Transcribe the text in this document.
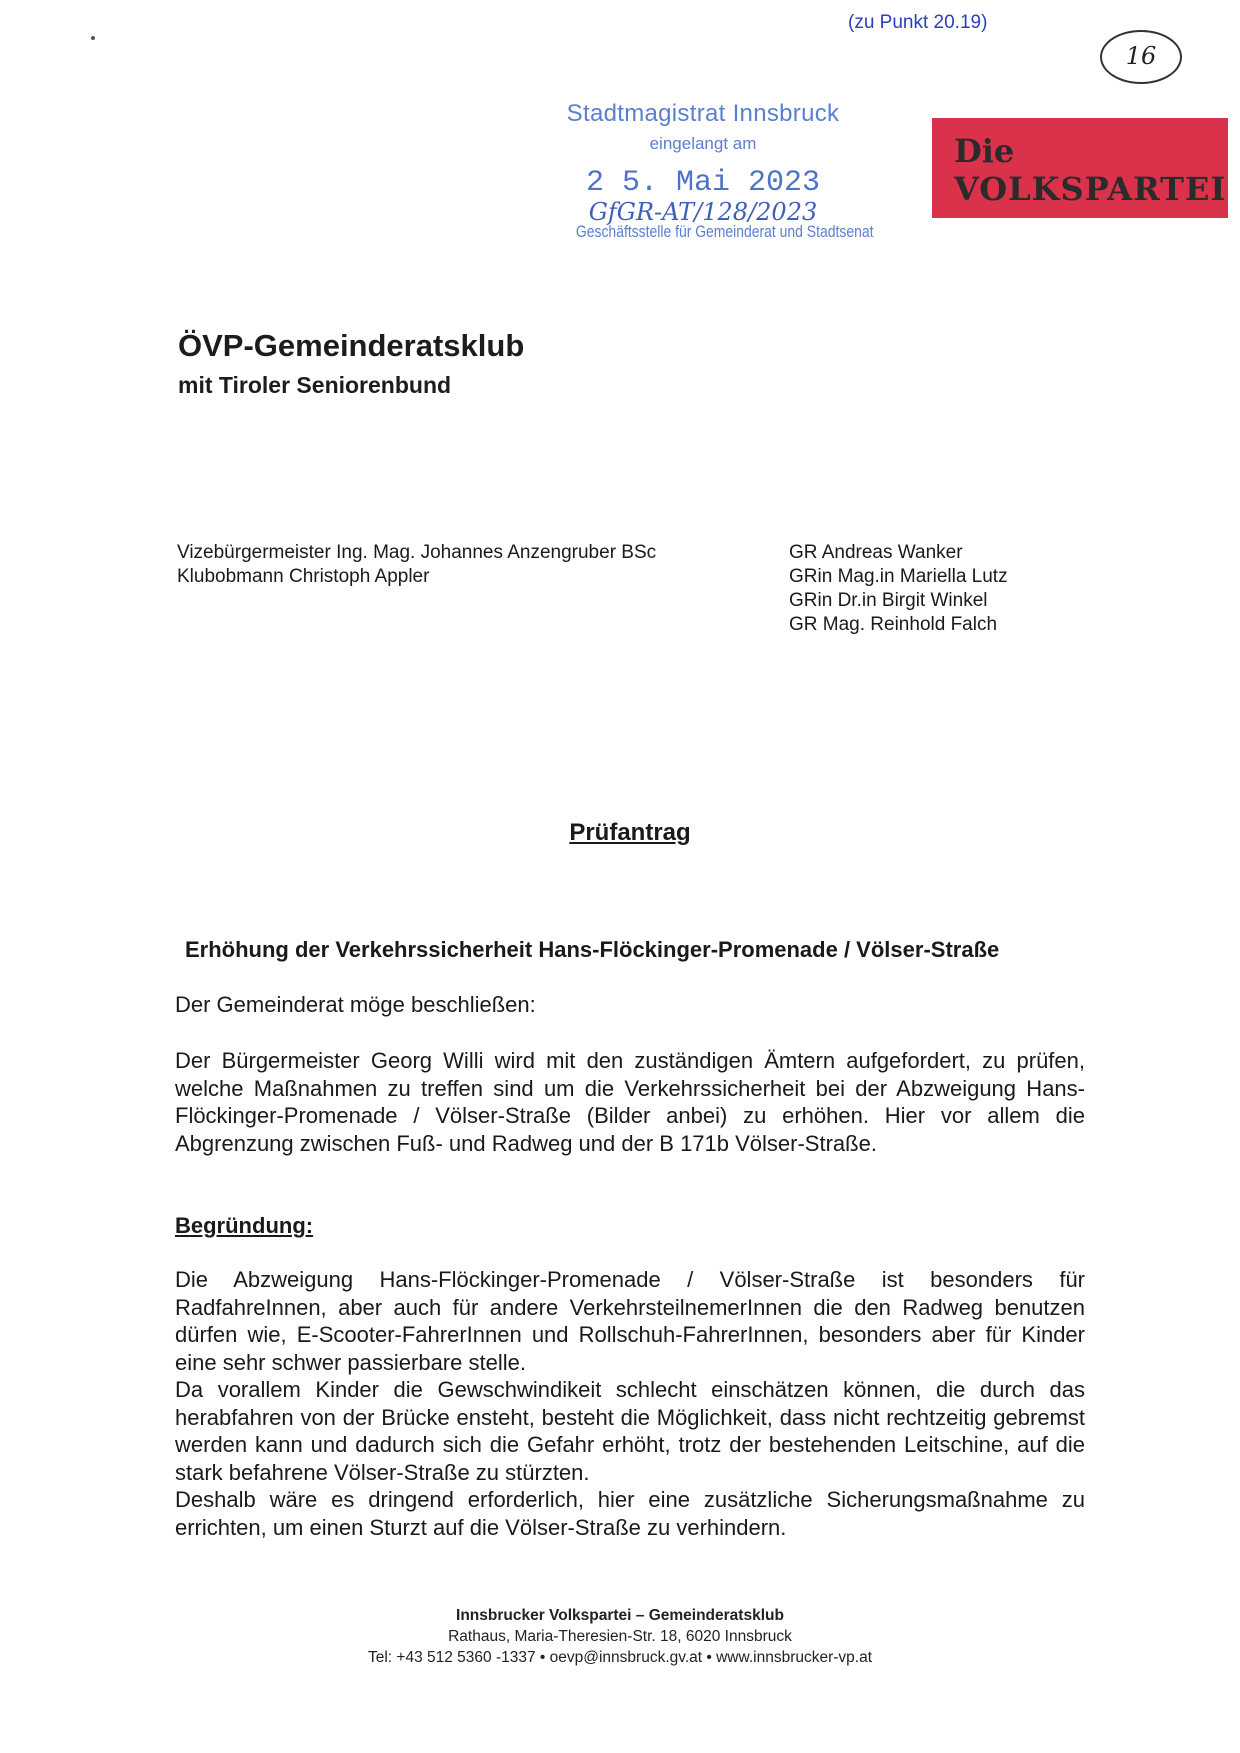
(zu Punkt 20.19)
16
Stadtmagistrat Innsbruck
eingelangt am
2 5. Mai 2023
GfGR-AT/128/2023
Geschäftsstelle für Gemeinderat und Stadtsenat
Die
VOLKSPARTEI
ÖVP-Gemeinderatsklub
mit Tiroler Seniorenbund
Vizebürgermeister Ing. Mag. Johannes Anzengruber BSc
Klubobmann Christoph Appler
GR Andreas Wanker
GRin Mag.in Mariella Lutz
GRin Dr.in Birgit Winkel
GR Mag. Reinhold Falch
Prüfantrag
Erhöhung der Verkehrssicherheit Hans-Flöckinger-Promenade / Völser-Straße
Der Gemeinderat möge beschließen:
Der Bürgermeister Georg Willi wird mit den zuständigen Ämtern aufgefordert, zu prüfen, welche Maßnahmen zu treffen sind um die Verkehrssicherheit bei der Abzweigung Hans-Flöckinger-Promenade / Völser-Straße (Bilder anbei) zu erhöhen. Hier vor allem die Abgrenzung zwischen Fuß- und Radweg und der B 171b Völser-Straße.
Begründung:
Die Abzweigung Hans-Flöckinger-Promenade / Völser-Straße ist besonders für RadfahreInnen, aber auch für andere VerkehrsteilnemerInnen die den Radweg benutzen dürfen wie, E-Scooter-FahrerInnen und Rollschuh-FahrerInnen, besonders aber für Kinder eine sehr schwer passierbare stelle.
Da vorallem Kinder die Gewschwindikeit schlecht einschätzen können, die durch das herabfahren von der Brücke ensteht, besteht die Möglichkeit, dass nicht rechtzeitig gebremst werden kann und dadurch sich die Gefahr erhöht, trotz der bestehenden Leitschine, auf die stark befahrene Völser-Straße zu stürzten.
Deshalb wäre es dringend erforderlich, hier eine zusätzliche Sicherungsmaßnahme zu errichten, um einen Sturzt auf die Völser-Straße zu verhindern.
Innsbrucker Volkspartei – Gemeinderatsklub
Rathaus, Maria-Theresien-Str. 18, 6020 Innsbruck
Tel: +43 512 5360 -1337 • oevp@innsbruck.gv.at • www.innsbrucker-vp.at
